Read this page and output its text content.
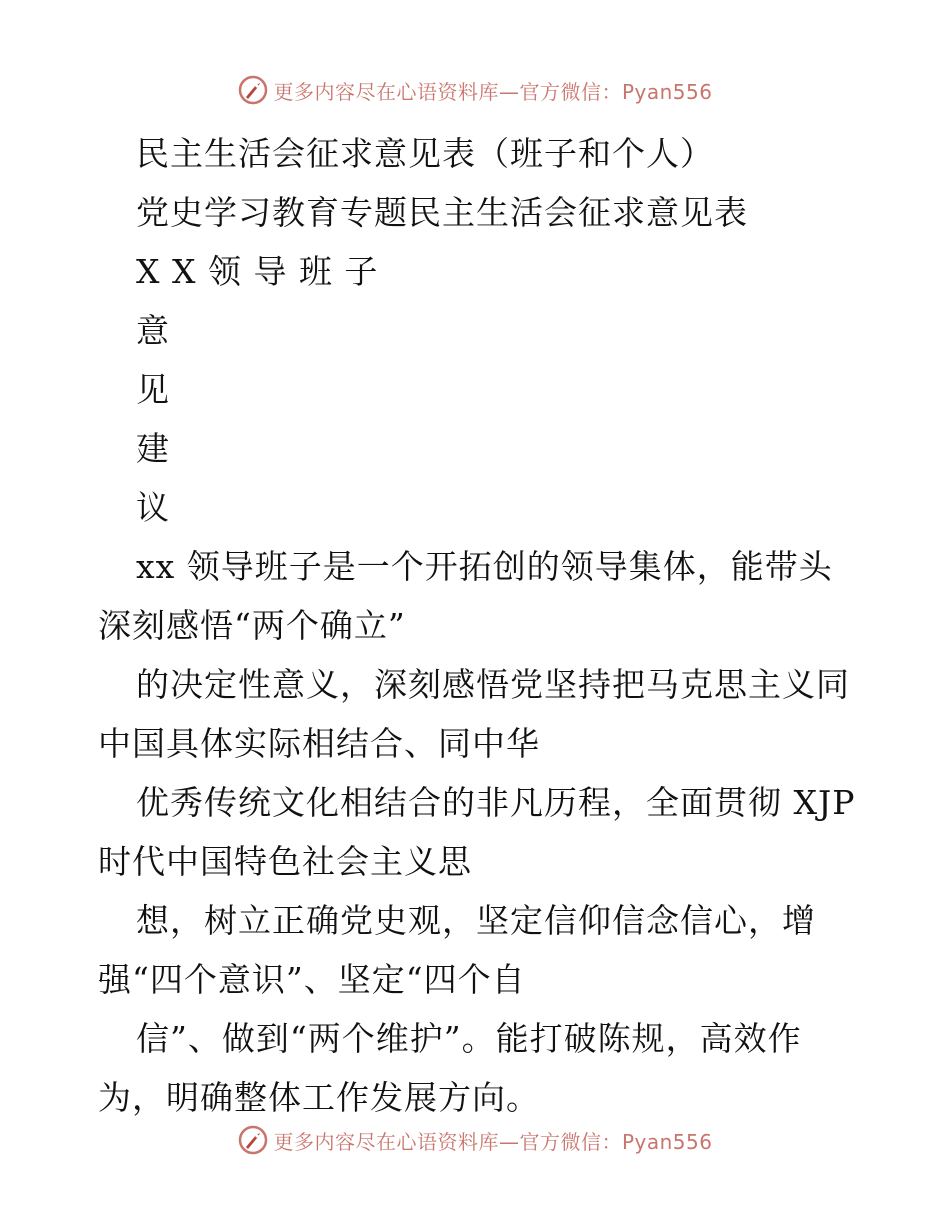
更多内容尽在心语资料库—官方微信：Pyan556
民主生活会征求意见表（班子和个人）
党史学习教育专题民主生活会征求意见表
X X 领 导 班 子
意
见
建
议
xx 领导班子是一个开拓创的领导集体，能带头
深刻感悟“两个确立”
的决定性意义，深刻感悟党坚持把马克思主义同
中国具体实际相结合、同中华
优秀传统文化相结合的非凡历程，全面贯彻 XJP
时代中国特色社会主义思
想，树立正确党史观，坚定信仰信念信心，增
强“四个意识”、坚定“四个自
信”、做到“两个维护”。能打破陈规，高效作
为，明确整体工作发展方向。
更多内容尽在心语资料库—官方微信：Pyan556
